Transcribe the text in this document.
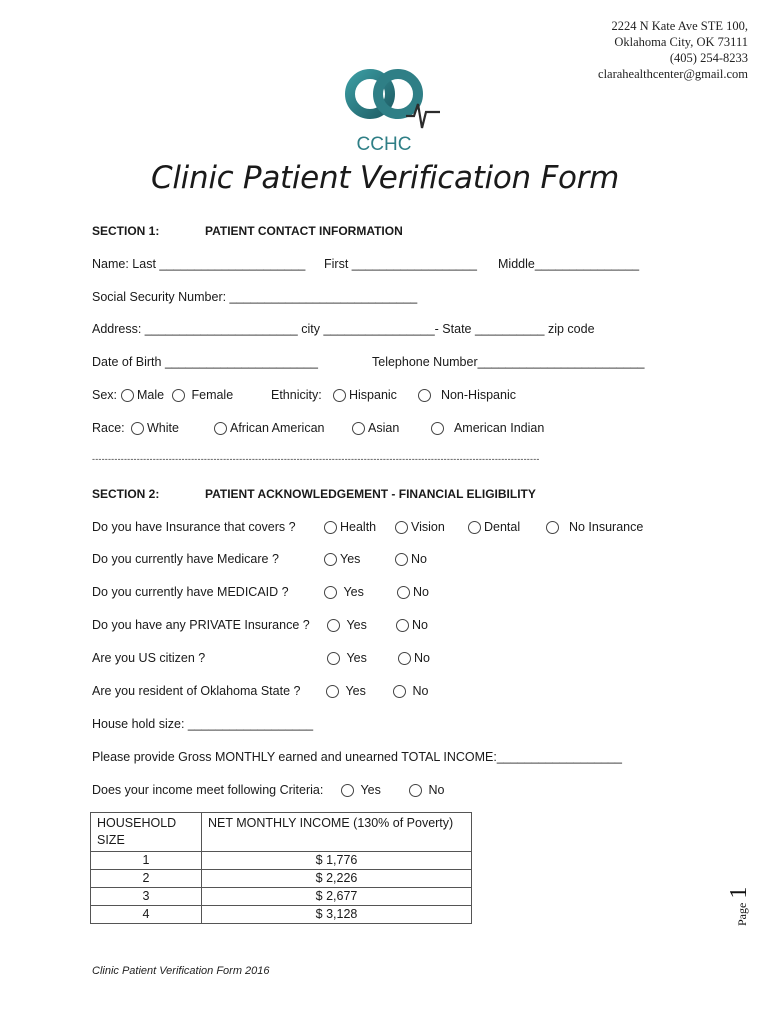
2224 N Kate Ave STE 100,
Oklahoma City, OK 73111
(405) 254-8233
clarahealthcenter@gmail.com
CCHC
Clinic Patient Verification Form
SECTION 1:	PATIENT CONTACT INFORMATION
Name: Last _____________________ First __________________ Middle_______________
Social Security Number: ___________________________
Address: ______________________ city ________________- State __________ zip code
Date of Birth ______________________	Telephone Number________________________
Sex:	Male	Female	Ethnicity:	Hispanic	Non-Hispanic
Race:	White	African American	Asian	American Indian
--------------------------------------------------------------------------------------------------------------------------------------------
SECTION 2:	PATIENT ACKNOWLEDGEMENT - FINANCIAL ELIGIBILITY
Do you have Insurance that covers ?	Health	Vision	Dental	No Insurance
Do you currently have Medicare ?	Yes	No
Do you currently have MEDICAID ?	Yes	No
Do you have any PRIVATE Insurance ?	Yes	No
Are you US citizen ?	Yes	No
Are you resident of Oklahoma State ?	Yes	No
House hold size: __________________
Please provide Gross MONTHLY earned and unearned TOTAL INCOME:__________________
Does your income meet following Criteria:	Yes	No
HOUSEHOLD
SIZE	NET MONTHLY INCOME (130% of Poverty)
1	$ 1,776
2	$ 2,226
3	$ 2,677
4	$ 3,128	Page 1
Clinic Patient Verification Form 2016
